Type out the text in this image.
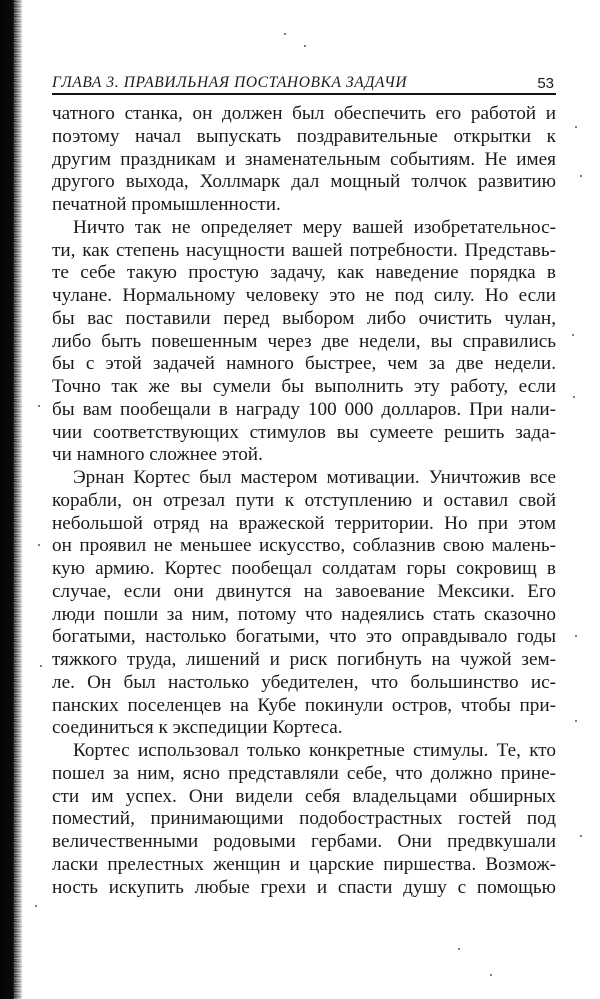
ГЛАВА 3. ПРАВИЛЬНАЯ ПОСТАНОВКА ЗАДАЧИ	53
чатного станка, он должен был обеспечить его работой и
поэтому начал выпускать поздравительные открытки к
другим праздникам и знаменательным событиям. Не имея
другого выхода, Холлмарк дал мощный толчок развитию
печатной промышленности.
Ничто так не определяет меру вашей изобретательнос-
ти, как степень насущности вашей потребности. Представь-
те себе такую простую задачу, как наведение порядка в
чулане. Нормальному человеку это не под силу. Но если
бы вас поставили перед выбором либо очистить чулан,
либо быть повешенным через две недели, вы справились
бы с этой задачей намного быстрее, чем за две недели.
Точно так же вы сумели бы выполнить эту работу, если
бы вам пообещали в награду 100 000 долларов. При нали-
чии соответствующих стимулов вы сумеете решить зада-
чи намного сложнее этой.
Эрнан Кортес был мастером мотивации. Уничтожив все
корабли, он отрезал пути к отступлению и оставил свой
небольшой отряд на вражеской территории. Но при этом
он проявил не меньшее искусство, соблазнив свою малень-
кую армию. Кортес пообещал солдатам горы сокровищ в
случае, если они двинутся на завоевание Мексики. Его
люди пошли за ним, потому что надеялись стать сказочно
богатыми, настолько богатыми, что это оправдывало годы
тяжкого труда, лишений и риск погибнуть на чужой зем-
ле. Он был настолько убедителен, что большинство ис-
панских поселенцев на Кубе покинули остров, чтобы при-
соединиться к экспедиции Кортеса.
Кортес использовал только конкретные стимулы. Те, кто
пошел за ним, ясно представляли себе, что должно прине-
сти им успех. Они видели себя владельцами обширных
поместий, принимающими подобострастных гостей под
величественными родовыми гербами. Они предвкушали
ласки прелестных женщин и царские пиршества. Возмож-
ность искупить любые грехи и спасти душу с помощью
